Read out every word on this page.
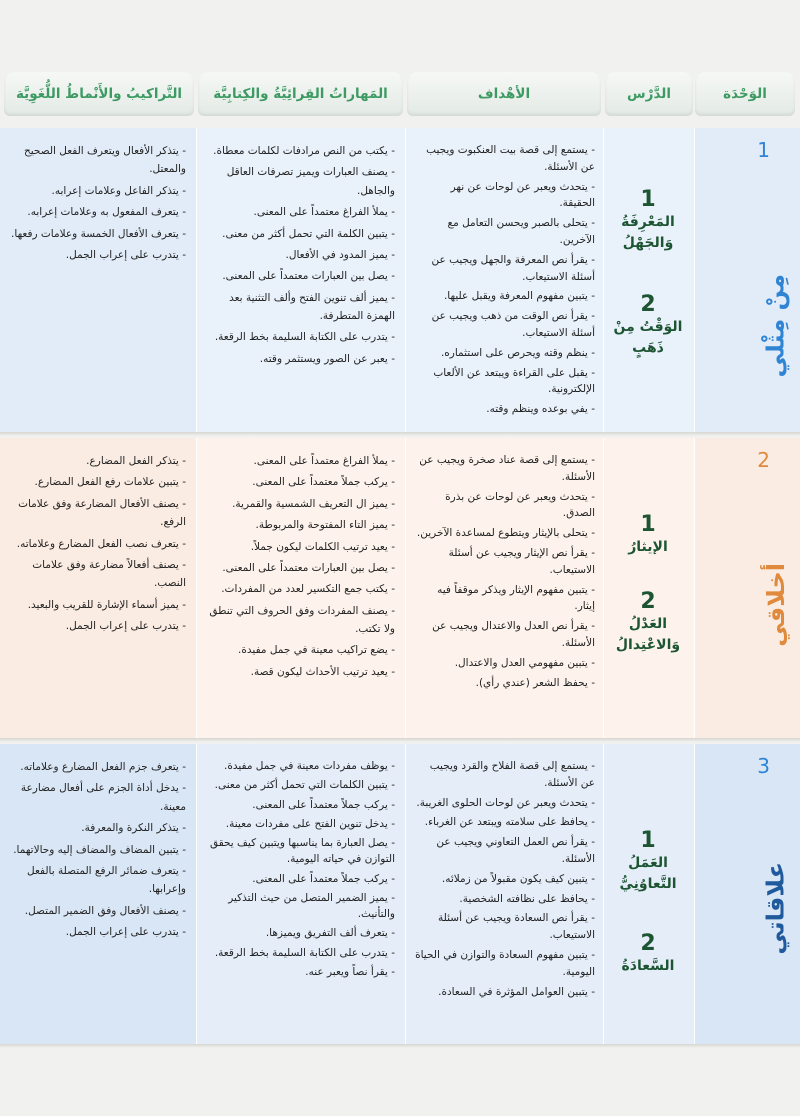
الوَحْدَة
الدَّرْس
الأهْداف
المَهاراتُ القِرائِيَّةُ والكِتابِيَّة
التَّراكيبُ والأَنْماطُ اللُّغَوِيَّة
1
مِنْ مِثْلي
1
المَعْرِفَةُ وَالجَهْلُ
2
الوَقْتُ مِنْ ذَهَبٍ
- يستمع إلى قصة بيت العنكبوت ويجيب عن الأسئلة.
- يتحدث ويعبر عن لوحات عن نهر الحقيقة.
- يتحلى بالصبر ويحسن التعامل مع الآخرين.
- يقرأ نص المعرفة والجهل ويجيب عن أسئلة الاستيعاب.
- يتبين مفهوم المعرفة ويقبل عليها.
- يقرأ نص الوقت من ذهب ويجيب عن أسئلة الاستيعاب.
- ينظم وقته ويحرص على استثماره.
- يقبل على القراءة ويبتعد عن الألعاب الإلكترونية.
- يفي بوعده وينظم وقته.
- يكتب من النص مرادفات لكلمات معطاة.
- يصنف العبارات ويميز تصرفات العاقل والجاهل.
- يملأ الفراغ معتمداً على المعنى.
- يتبين الكلمة التي تحمل أكثر من معنى.
- يميز المدود في الأفعال.
- يصل بين العبارات معتمداً على المعنى.
- يميز ألف تنوين الفتح وألف التثنية بعد الهمزة المتطرفة.
- يتدرب على الكتابة السليمة بخط الرقعة.
- يعبر عن الصور ويستثمر وقته.
- يتذكر الأفعال ويتعرف الفعل الصحيح والمعتل.
- يتذكر الفاعل وعلامات إعرابه.
- يتعرف المفعول به وعلامات إعرابه.
- يتعرف الأفعال الخمسة وعلامات رفعها.
- يتدرب على إعراب الجمل.
2
أخلاقي
1
الإيثارُ
2
العَدْلُ وَالاعْتِدالُ
- يستمع إلى قصة عناد صخرة ويجيب عن الأسئلة.
- يتحدث ويعبر عن لوحات عن بذرة الصدق.
- يتحلى بالإيثار ويتطوع لمساعدة الآخرين.
- يقرأ نص الإيثار ويجيب عن أسئلة الاستيعاب.
- يتبين مفهوم الإيثار ويذكر موقفاً فيه إيثار.
- يقرأ نص العدل والاعتدال ويجيب عن الأسئلة.
- يتبين مفهومي العدل والاعتدال.
- يحفظ الشعر (عندي رأي).
- يملأ الفراغ معتمداً على المعنى.
- يركب جملاً معتمداً على المعنى.
- يميز ال التعريف الشمسية والقمرية.
- يميز التاء المفتوحة والمربوطة.
- يعيد ترتيب الكلمات ليكون جملاً.
- يصل بين العبارات معتمداً على المعنى.
- يكتب جمع التكسير لعدد من المفردات.
- يصنف المفردات وفق الحروف التي تنطق ولا تكتب.
- يضع تراكيب معينة في جمل مفيدة.
- يعيد ترتيب الأحداث ليكون قصة.
- يتذكر الفعل المضارع.
- يتبين علامات رفع الفعل المضارع.
- يصنف الأفعال المضارعة وفق علامات الرفع.
- يتعرف نصب الفعل المضارع وعلاماته.
- يصنف أفعالاً مضارعة وفق علامات النصب.
- يميز أسماء الإشارة للقريب والبعيد.
- يتدرب على إعراب الجمل.
3
علاقاتي
1
العَمَلُ التَّعاوُنِيُّ
2
السَّعادَةُ
- يستمع إلى قصة الفلاح والقرد ويجيب عن الأسئلة.
- يتحدث ويعبر عن لوحات الحلوى الغريبة.
- يحافظ على سلامته ويبتعد عن الغرباء.
- يقرأ نص العمل التعاوني ويجيب عن الأسئلة.
- يتبين كيف يكون مقبولاً من زملائه.
- يحافظ على نظافته الشخصية.
- يقرأ نص السعادة ويجيب عن أسئلة الاستيعاب.
- يتبين مفهوم السعادة والتوازن في الحياة اليومية.
- يتبين العوامل المؤثرة في السعادة.
- يوظف مفردات معينة في جمل مفيدة.
- يتبين الكلمات التي تحمل أكثر من معنى.
- يركب جملاً معتمداً على المعنى.
- يدخل تنوين الفتح على مفردات معينة.
- يصل العبارة بما يناسبها ويتبين كيف يحقق التوازن في حياته اليومية.
- يركب جملاً معتمداً على المعنى.
- يميز الضمير المتصل من حيث التذكير والتأنيث.
- يتعرف ألف التفريق ويميزها.
- يتدرب على الكتابة السليمة بخط الرقعة.
- يقرأ نصاً ويعبر عنه.
- يتعرف جزم الفعل المضارع وعلاماته.
- يدخل أداة الجزم على أفعال مضارعة معينة.
- يتذكر النكرة والمعرفة.
- يتبين المضاف والمضاف إليه وحالاتهما.
- يتعرف ضمائر الرفع المتصلة بالفعل وإعرابها.
- يصنف الأفعال وفق الضمير المتصل.
- يتدرب على إعراب الجمل.
